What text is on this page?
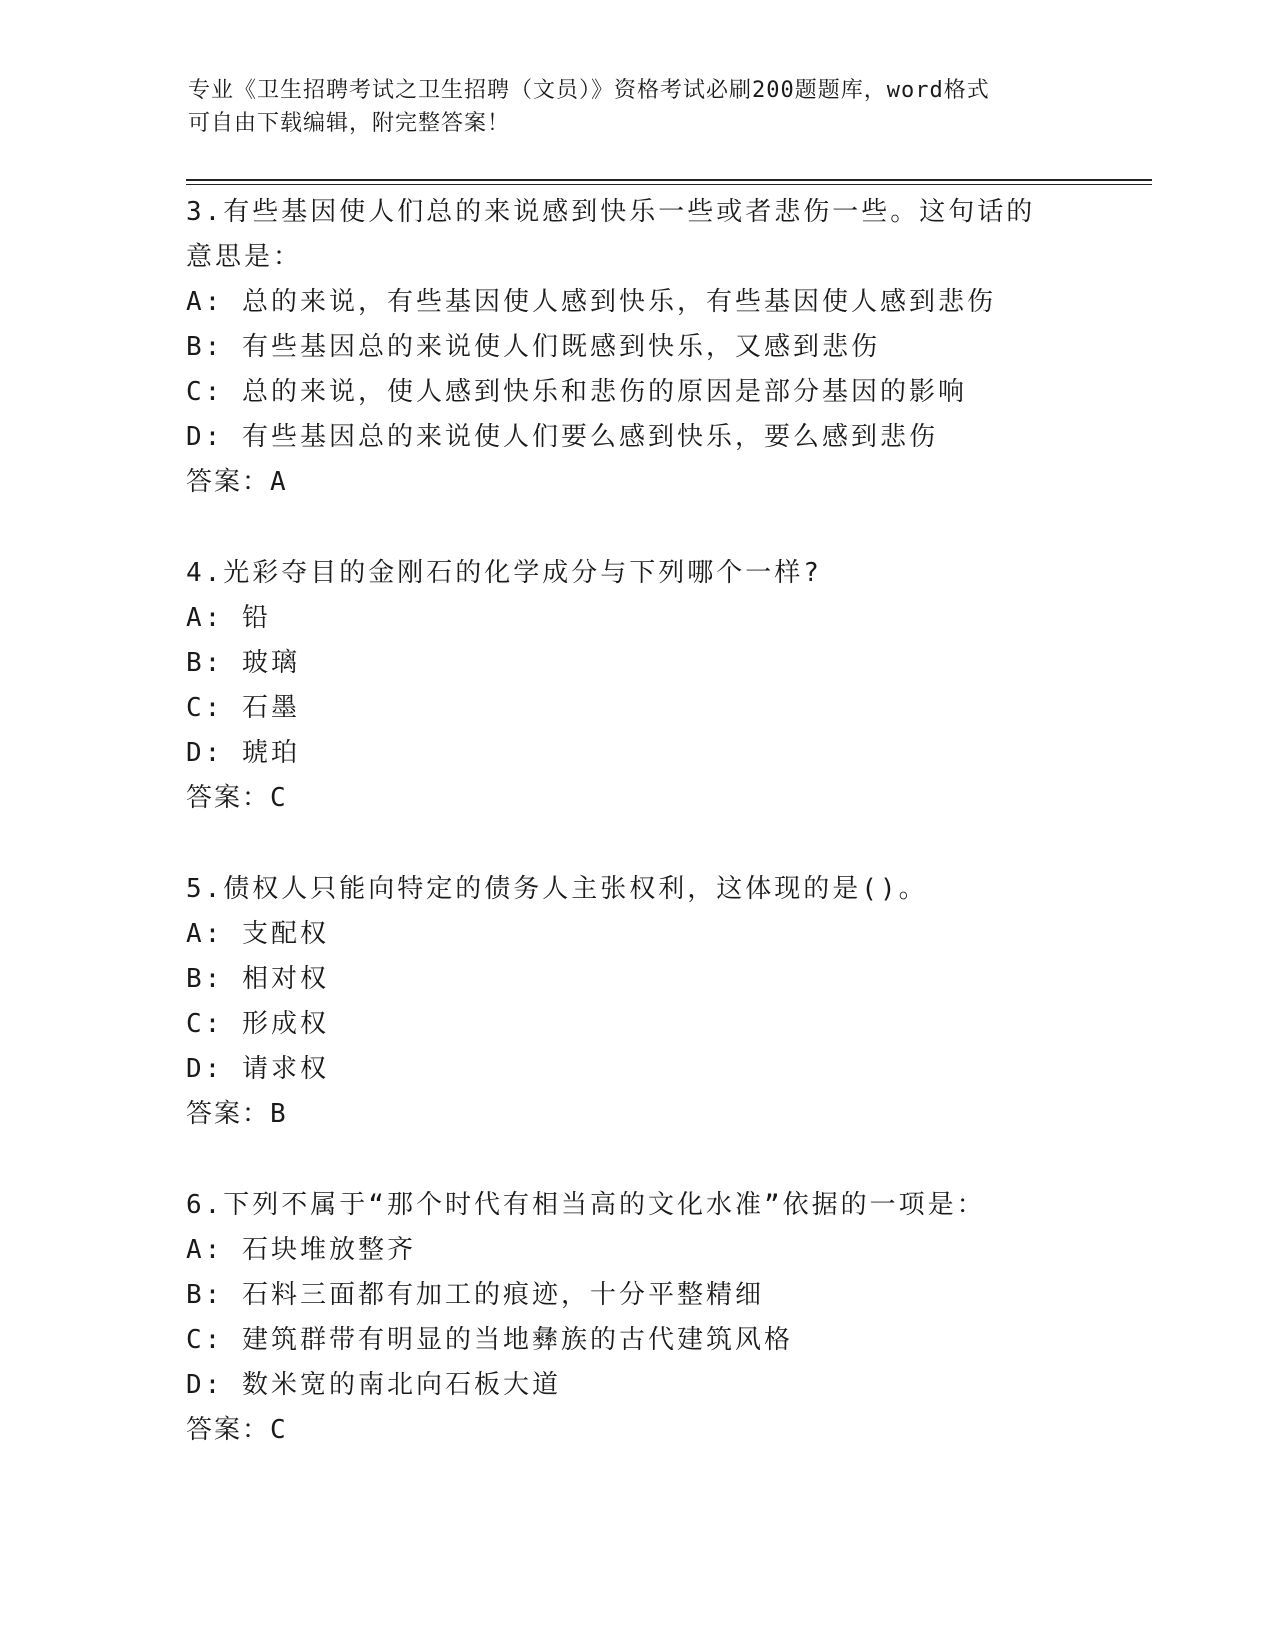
专业《卫生招聘考试之卫生招聘（文员）》资格考试必刷200题题库，word格式
可自由下载编辑，附完整答案！
3.有些基因使人们总的来说感到快乐一些或者悲伤一些。这句话的意思是：
A: 总的来说，有些基因使人感到快乐，有些基因使人感到悲伤
B: 有些基因总的来说使人们既感到快乐，又感到悲伤
C: 总的来说，使人感到快乐和悲伤的原因是部分基因的影响
D: 有些基因总的来说使人们要么感到快乐，要么感到悲伤
答案：A
4.光彩夺目的金刚石的化学成分与下列哪个一样?
A: 铅
B: 玻璃
C: 石墨
D: 琥珀
答案：C
5.债权人只能向特定的债务人主张权利，这体现的是()。
A: 支配权
B: 相对权
C: 形成权
D: 请求权
答案：B
6.下列不属于“那个时代有相当高的文化水准”依据的一项是：
A: 石块堆放整齐
B: 石料三面都有加工的痕迹，十分平整精细
C: 建筑群带有明显的当地彝族的古代建筑风格
D: 数米宽的南北向石板大道
答案：C
